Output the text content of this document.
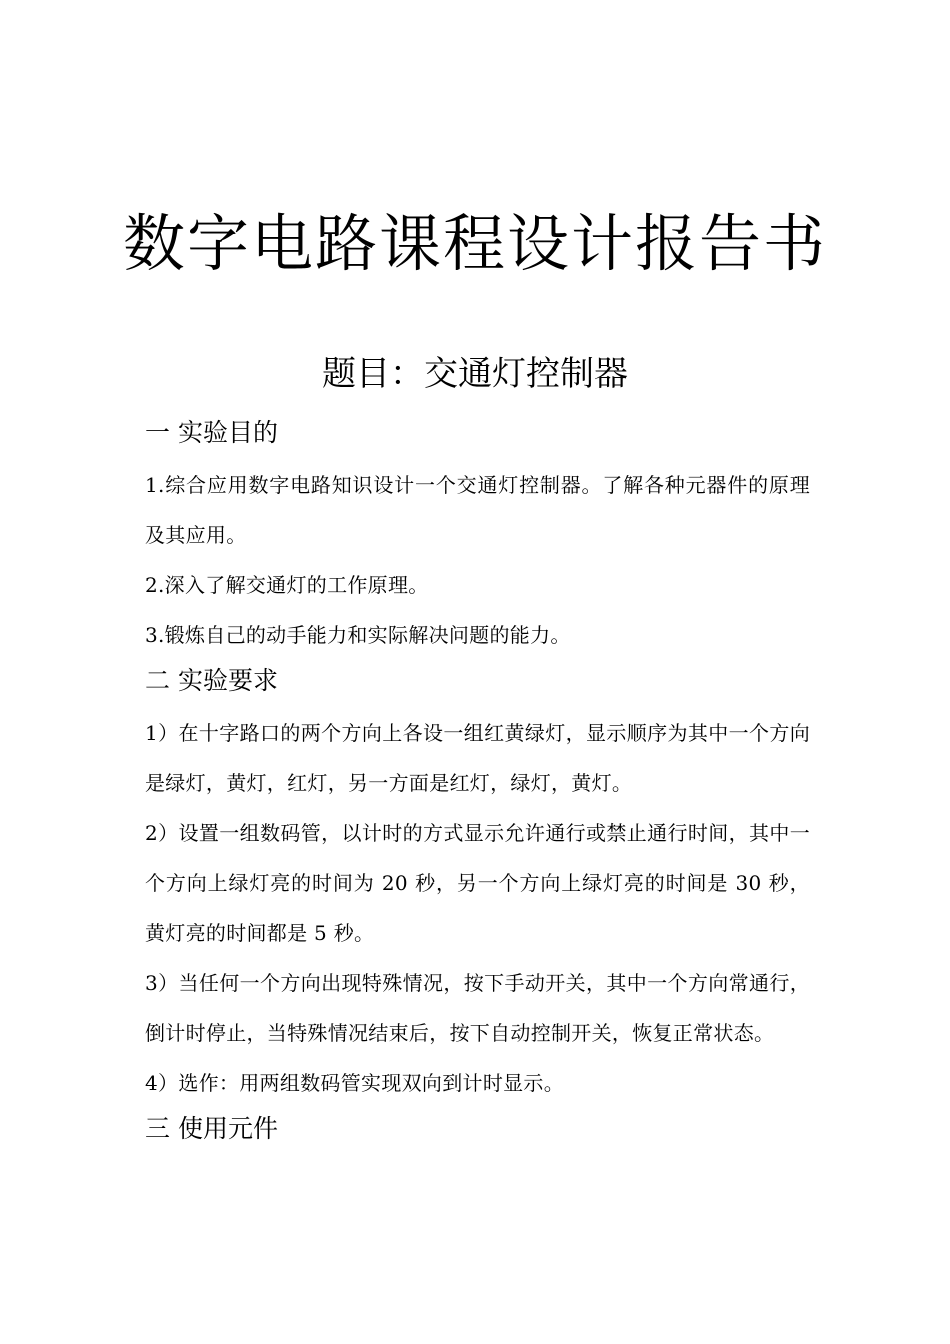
数字电路课程设计报告书
题目：交通灯控制器
一 实验目的

1.综合应用数字电路知识设计一个交通灯控制器。了解各种元器件的原理及其应用。

2.深入了解交通灯的工作原理。

3.锻炼自己的动手能力和实际解决问题的能力。

二 实验要求

1）在十字路口的两个方向上各设一组红黄绿灯，显示顺序为其中一个方向是绿灯，黄灯，红灯，另一方面是红灯，绿灯，黄灯。

2）设置一组数码管，以计时的方式显示允许通行或禁止通行时间，其中一个方向上绿灯亮的时间为 20 秒，另一个方向上绿灯亮的时间是 30 秒，黄灯亮的时间都是 5 秒。

3）当任何一个方向出现特殊情况，按下手动开关，其中一个方向常通行，倒计时停止，当特殊情况结束后，按下自动控制开关，恢复正常状态。

4）选作：用两组数码管实现双向到计时显示。

三 使用元件
